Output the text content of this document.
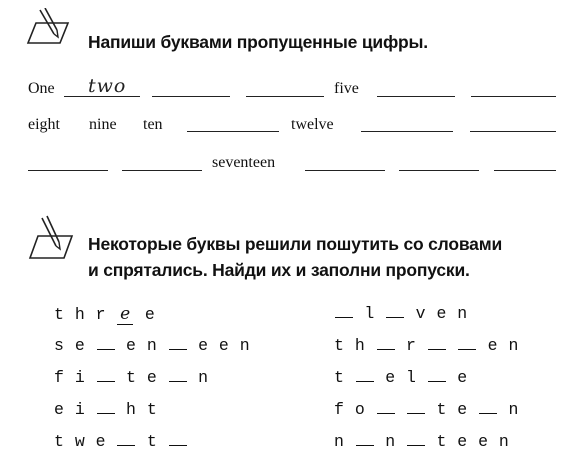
Напиши буквами пропущенные цифры.
One two	five
eight nine ten	twelve
seventeen
Некоторые буквы решили пошутить со словами
и спрятались. Найди их и заполни пропуски.
t h r e e
s e e n e e n
f i t e n
e i h t
t w e t
l v e n
t h r	e n
t e l e
f o	t e n
n n t e e n
